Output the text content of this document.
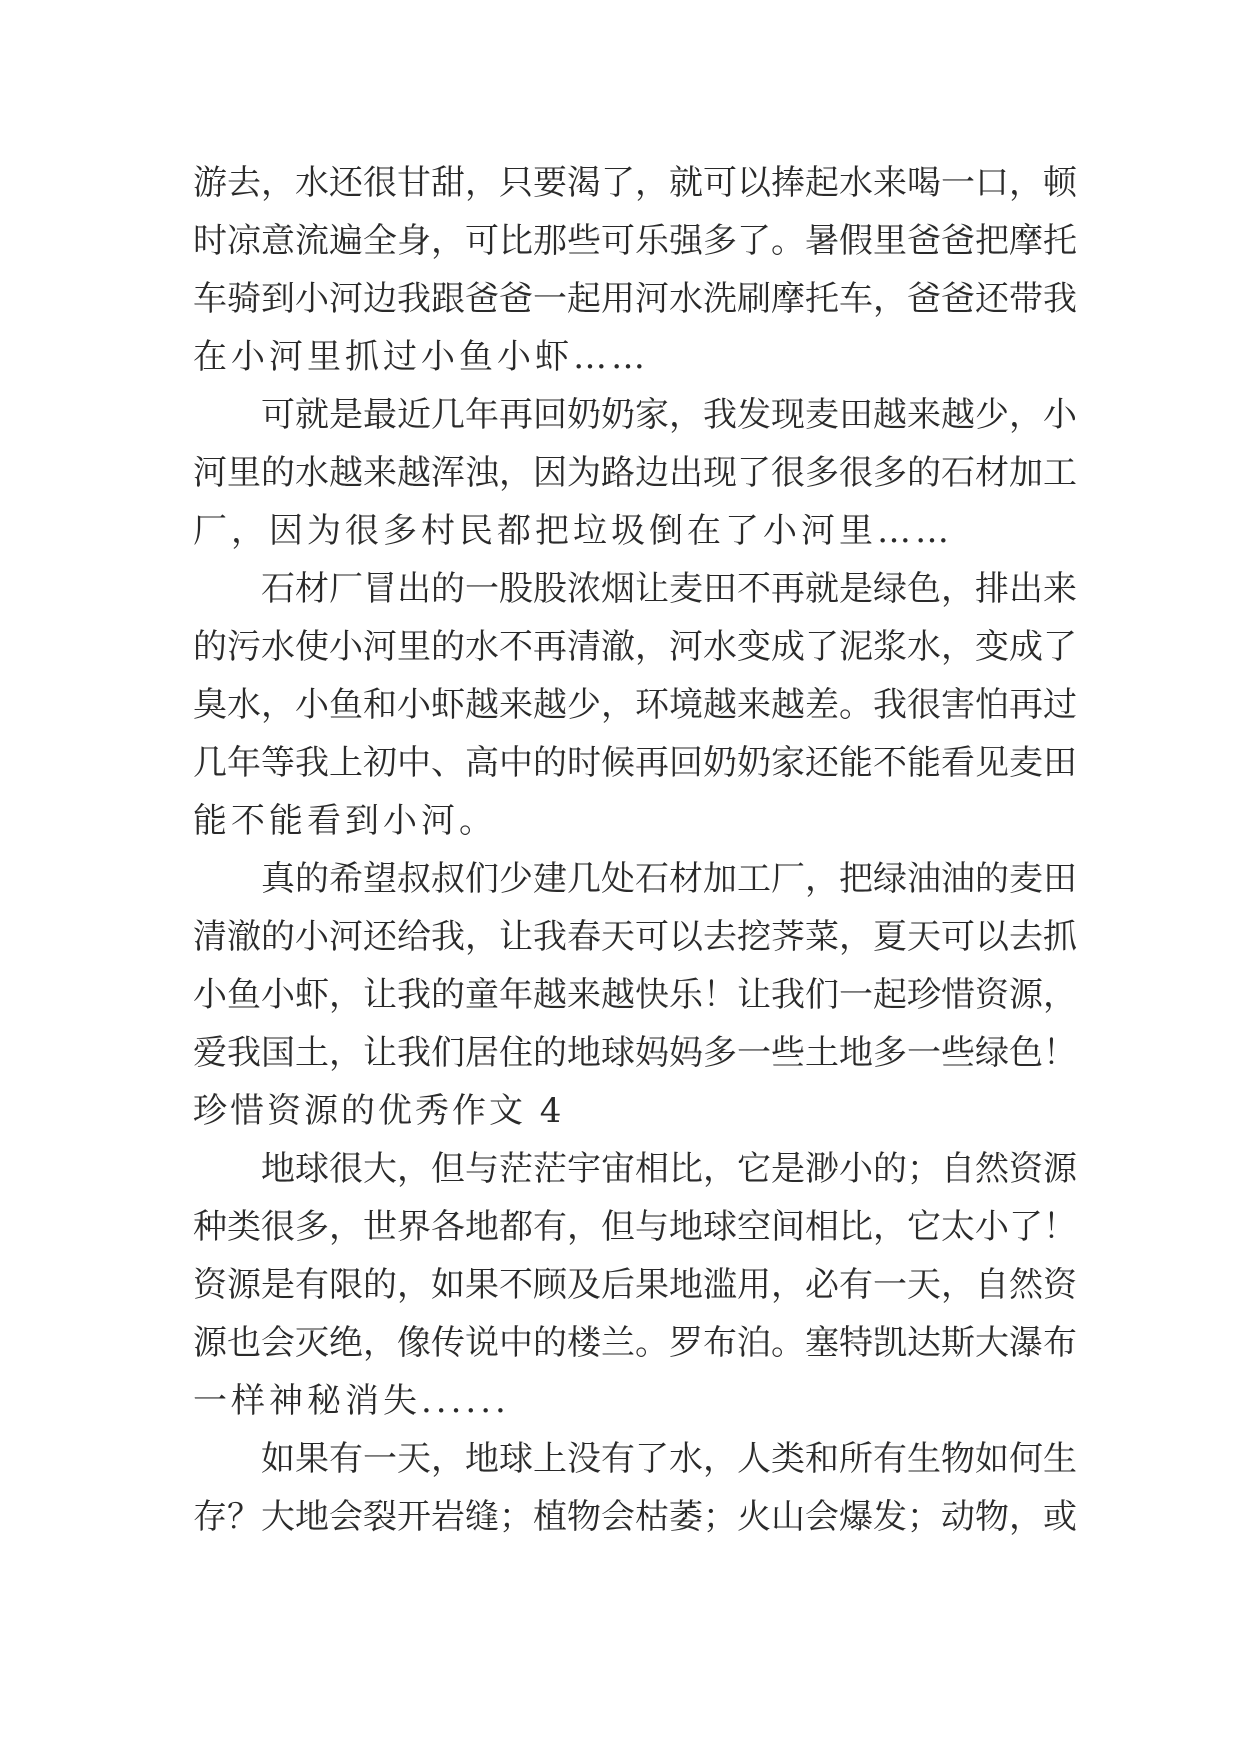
游去，水还很甘甜，只要渴了，就可以捧起水来喝一口，顿
时凉意流遍全身，可比那些可乐强多了。暑假里爸爸把摩托
车骑到小河边我跟爸爸一起用河水洗刷摩托车，爸爸还带我
在小河里抓过小鱼小虾……
　　可就是最近几年再回奶奶家，我发现麦田越来越少，小
河里的水越来越浑浊，因为路边出现了很多很多的石材加工
厂，因为很多村民都把垃圾倒在了小河里……
　　石材厂冒出的一股股浓烟让麦田不再就是绿色，排出来
的污水使小河里的水不再清澈，河水变成了泥浆水，变成了
臭水，小鱼和小虾越来越少，环境越来越差。我很害怕再过
几年等我上初中、高中的时候再回奶奶家还能不能看见麦田
能不能看到小河。
　　真的希望叔叔们少建几处石材加工厂，把绿油油的麦田
清澈的小河还给我，让我春天可以去挖荠菜，夏天可以去抓
小鱼小虾，让我的童年越来越快乐！让我们一起珍惜资源，
爱我国土，让我们居住的地球妈妈多一些土地多一些绿色！
珍惜资源的优秀作文 4
　　地球很大，但与茫茫宇宙相比，它是渺小的；自然资源
种类很多，世界各地都有，但与地球空间相比，它太小了！
资源是有限的，如果不顾及后果地滥用，必有一天，自然资
源也会灭绝，像传说中的楼兰。罗布泊。塞特凯达斯大瀑布
一样神秘消失......
　　如果有一天，地球上没有了水，人类和所有生物如何生
存？大地会裂开岩缝；植物会枯萎；火山会爆发；动物，或
